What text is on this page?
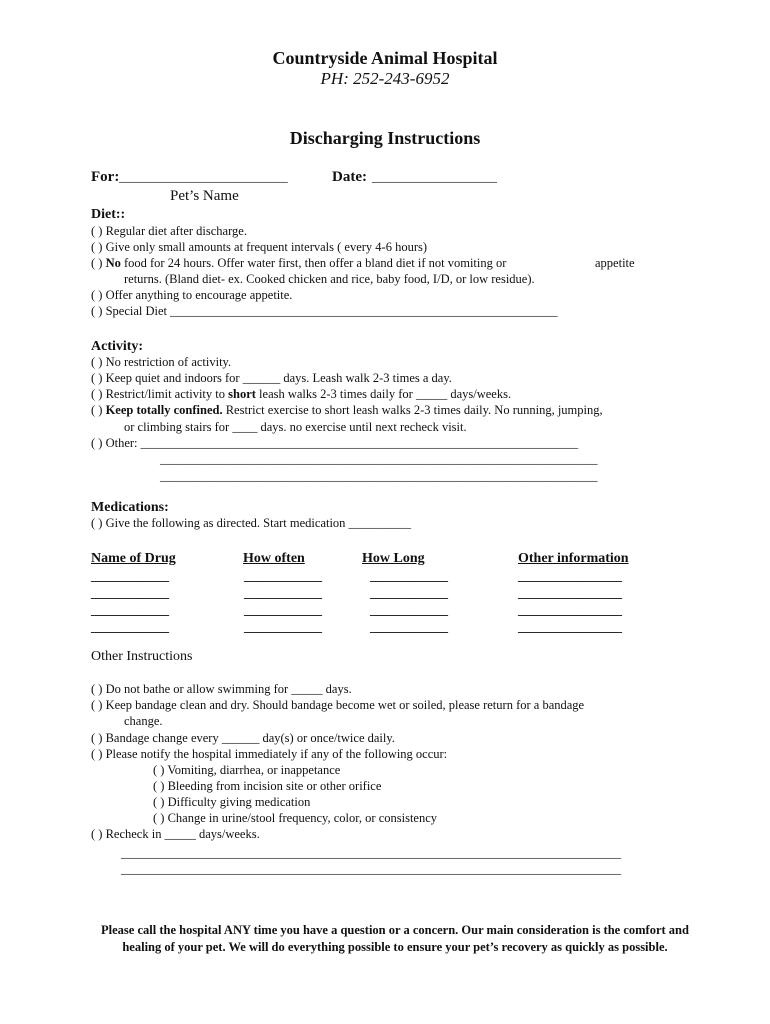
Countryside Animal Hospital
PH: 252-243-6952
Discharging Instructions
For: ___________________________	Date: ____________________
Pet’s Name
Diet::
( ) Regular diet after discharge.
( ) Give only small amounts at frequent intervals ( every 4-6 hours)
( ) No food for 24 hours. Offer water first, then offer a bland diet if not vomiting or	appetite
returns. (Bland diet- ex. Cooked chicken and rice, baby food, I/D, or low residue).
( ) Offer anything to encourage appetite.
( ) Special Diet ______________________________________________________________
Activity:
( ) No restriction of activity.
( ) Keep quiet and indoors for ______ days. Leash walk 2-3 times a day.
( ) Restrict/limit activity to short leash walks 2-3 times daily for _____ days/weeks.
( ) Keep totally confined. Restrict exercise to short leash walks 2-3 times daily. No running, jumping,
or climbing stairs for ____ days. no exercise until next recheck visit.
( ) Other: ______________________________________________________________________
______________________________________________________________________
______________________________________________________________________
Medications:
( ) Give the following as directed. Start medication __________
Name of Drug	How often	How Long	Other information
____________	____________	____________	________________
____________	____________	____________	________________
____________	____________	____________	________________
____________	____________	____________	________________
Other Instructions
( ) Do not bathe or allow swimming for _____ days.
( ) Keep bandage clean and dry. Should bandage become wet or soiled, please return for a bandage
change.
( ) Bandage change every ______ day(s) or once/twice daily.
( ) Please notify the hospital immediately if any of the following occur:
( ) Vomiting, diarrhea, or inappetance
( ) Bleeding from incision site or other orifice
( ) Difficulty giving medication
( ) Change in urine/stool frequency, color, or consistency
( ) Recheck in _____ days/weeks.
________________________________________________________________________________
________________________________________________________________________________
Please call the hospital ANY time you have a question or a concern. Our main consideration is the comfort and healing of your pet. We will do everything possible to ensure your pet’s recovery as quickly as possible.
